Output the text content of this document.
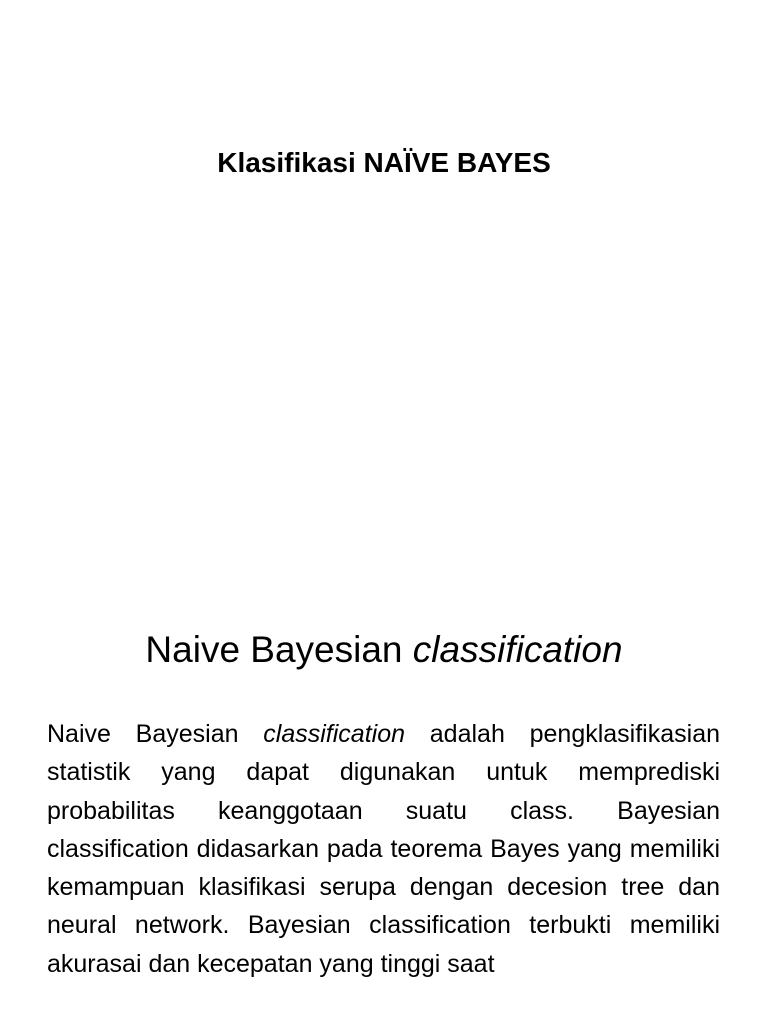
Klasifikasi NAÏVE BAYES
Naive Bayesian classification

Naive Bayesian classification adalah pengklasifikasian statistik yang dapat digunakan untuk memprediski probabilitas keanggotaan suatu class. Bayesian classification didasarkan pada teorema Bayes yang memiliki kemampuan klasifikasi serupa dengan decesion tree dan neural network. Bayesian classification terbukti memiliki akurasai dan kecepatan yang tinggi saat
